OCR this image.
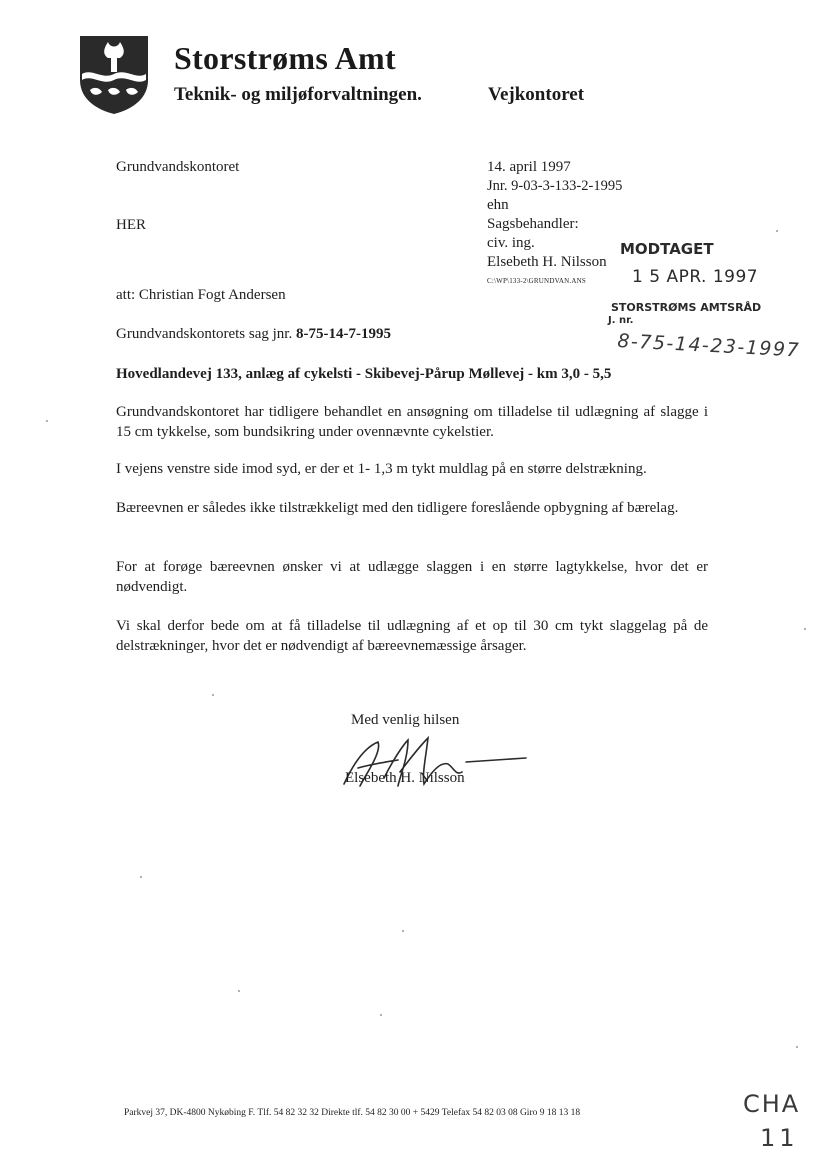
Storstrøms Amt
Teknik- og miljøforvaltningen.	Vejkontoret
Grundvandskontoret
HER
att: Christian Fogt Andersen
14. april 1997
Jnr. 9-03-3-133-2-1995
ehn
Sagsbehandler:
civ. ing.
Elsebeth H. Nilsson
C:\WP\133-2\GRUNDVAN.ANS
MODTAGET
1 5 APR. 1997
STORSTRØMS AMTSRÅD
J. nr.
8-75-14-23-1997
Grundvandskontorets sag jnr. 8-75-14-7-1995
Hovedlandevej 133, anlæg af cykelsti - Skibevej-Pårup Møllevej - km 3,0 - 5,5
Grundvandskontoret har tidligere behandlet en ansøgning om tilladelse til udlægning af slagge i 15 cm tykkelse, som bundsikring under ovennævnte cykelstier.
I vejens venstre side imod syd, er der et 1- 1,3 m tykt muldlag på en større delstrækning.
Bæreevnen er således ikke tilstrækkeligt med den tidligere foreslående opbygning af bærelag.
For at forøge bæreevnen ønsker vi at udlægge slaggen i en større lagtykkelse, hvor det er nødvendigt.
Vi skal derfor bede om at få tilladelse til udlægning af et op til 30 cm tykt slaggelag på de delstrækninger, hvor det er nødvendigt af bæreevnemæssige årsager.
Med venlig hilsen
Elsebeth H. Nilsson
Parkvej 37, DK-4800 Nykøbing F. Tlf. 54 82 32 32 Direkte tlf. 54 82 30 00 + 5429 Telefax 54 82 03 08 Giro 9 18 13 18	CHA
11
